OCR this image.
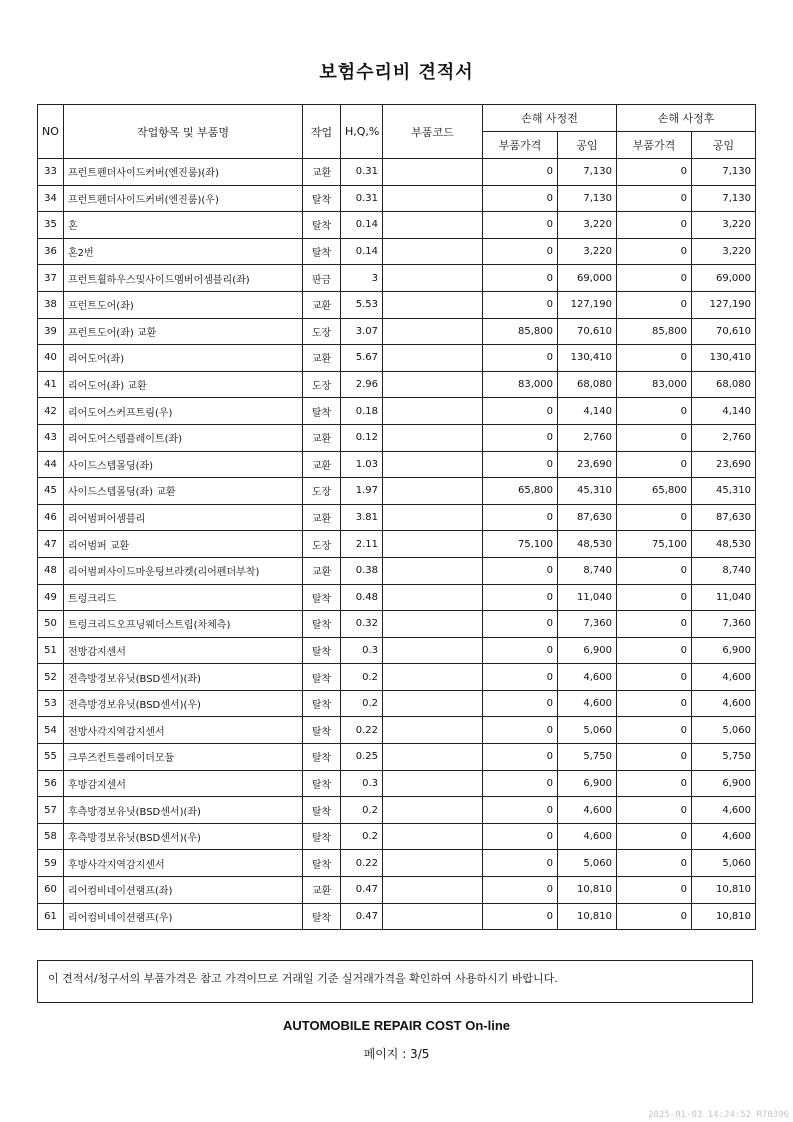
보험수리비 견적서
NO	작업항목 및 부품명	작업	H,Q,%	부품코드	손해 사정전		손해 사정후	
					부품가격	공임	부품가격	공임
33	프런트펜더사이드커버(엔진룸)(좌)	교환	0.31		0	7,130	0	7,130
34	프런트펜더사이드커버(엔진룸)(우)	탈착	0.31		0	7,130	0	7,130
35	혼	탈착	0.14		0	3,220	0	3,220
36	혼2번	탈착	0.14		0	3,220	0	3,220
37	프런트휠하우스및사이드멤버어셈블리(좌)	판금	3		0	69,000	0	69,000
38	프런트도어(좌)	교환	5.53		0	127,190	0	127,190
39	프런트도어(좌) 교환	도장	3.07		85,800	70,610	85,800	70,610
40	리어도어(좌)	교환	5.67		0	130,410	0	130,410
41	리어도어(좌) 교환	도장	2.96		83,000	68,080	83,000	68,080
42	리어도어스커프트림(우)	탈착	0.18		0	4,140	0	4,140
43	리어도어스텝플레이트(좌)	교환	0.12		0	2,760	0	2,760
44	사이드스텝몰딩(좌)	교환	1.03		0	23,690	0	23,690
45	사이드스텝몰딩(좌) 교환	도장	1.97		65,800	45,310	65,800	45,310
46	리어범퍼어셈블리	교환	3.81		0	87,630	0	87,630
47	리어범퍼 교환	도장	2.11		75,100	48,530	75,100	48,530
48	리어범퍼사이드마운팅브라켓(리어펜더부착)	교환	0.38		0	8,740	0	8,740
49	트렁크리드	탈착	0.48		0	11,040	0	11,040
50	트렁크리드오프닝웨더스트립(차체측)	탈착	0.32		0	7,360	0	7,360
51	전방감지센서	탈착	0.3		0	6,900	0	6,900
52	전측방경보유닛(BSD센서)(좌)	탈착	0.2		0	4,600	0	4,600
53	전측방경보유닛(BSD센서)(우)	탈착	0.2		0	4,600	0	4,600
54	전방사각지역감지센서	탈착	0.22		0	5,060	0	5,060
55	크루즈컨트롤레이더모듈	탈착	0.25		0	5,750	0	5,750
56	후방감지센서	탈착	0.3		0	6,900	0	6,900
57	후측방경보유닛(BSD센서)(좌)	탈착	0.2		0	4,600	0	4,600
58	후측방경보유닛(BSD센서)(우)	탈착	0.2		0	4,600	0	4,600
59	후방사각지역감지센서	탈착	0.22		0	5,060	0	5,060
60	리어컴비네이션램프(좌)	교환	0.47		0	10,810	0	10,810
61	리어컴비네이션램프(우)	탈착	0.47		0	10,810	0	10,810
이 견적서/청구서의 부품가격은 참고 가격이므로 거래일 기준 실거래가격을 확인하여 사용하시기 바랍니다.
AUTOMOBILE REPAIR COST On-line
페이지 : 3/5
2025-01-03 14:24:52 R70396
